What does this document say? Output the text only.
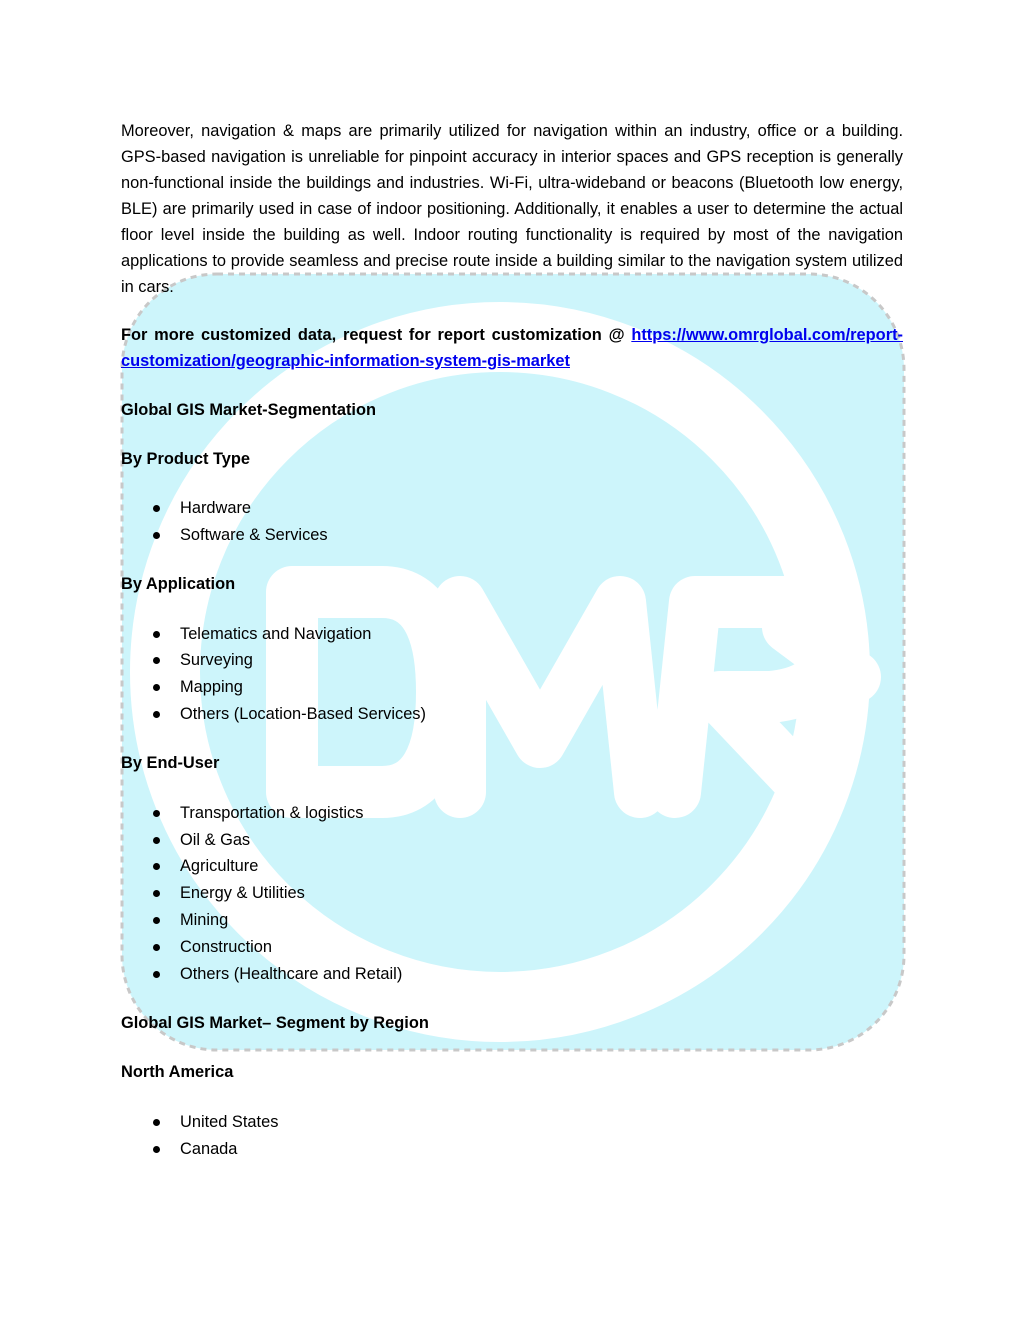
Moreover, navigation & maps are primarily utilized for navigation within an industry, office or a building. GPS-based navigation is unreliable for pinpoint accuracy in interior spaces and GPS reception is generally non-functional inside the buildings and industries. Wi-Fi, ultra-wideband or beacons (Bluetooth low energy, BLE) are primarily used in case of indoor positioning. Additionally, it enables a user to determine the actual floor level inside the building as well. Indoor routing functionality is required by most of the navigation applications to provide seamless and precise route inside a building similar to the navigation system utilized in cars.

For more customized data, request for report customization @ https://www.omrglobal.com/report-customization/geographic-information-system-gis-market

Global GIS Market-Segmentation

By Product Type

Hardware
Software & Services

By Application

Telematics and Navigation
Surveying
Mapping
Others (Location-Based Services)

By End-User

Transportation & logistics
Oil & Gas
Agriculture
Energy & Utilities
Mining
Construction
Others (Healthcare and Retail)

Global GIS Market– Segment by Region

North America

United States
Canada
